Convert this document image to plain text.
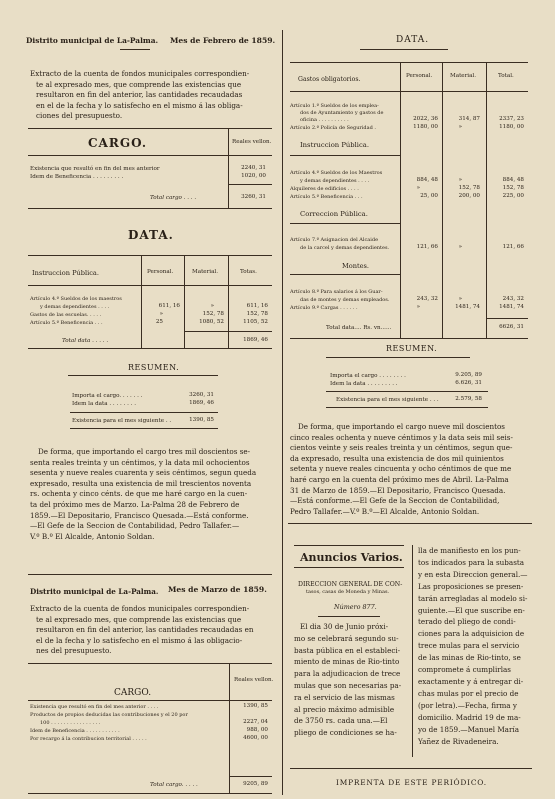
Distrito municipal de La-Palma. Mes de Febrero de 1859.
Extracto de la cuenta de fondos municipales correspondien-
te al expresado mes, que comprende las existencias que
resultaron en fin del anterior, las cantidades recaudadas
en el de la fecha y lo satisfecho en el mismo á las obliga-
ciones del presupuesto.
CARGO.	Reales vellon.
Existencia que resultó en fin del mes anterior	2240, 31
Idem de Beneficencia . . . . . . . . .	1020, 00
Total cargo . . . .	3260, 31
DATA.
Instruccion Pública.	Personal.	Material.	Totas.
Artículo 4.º Sueldos de los maestros
y demas dependientes . . . .	611, 16	»	611, 16
Gastos de las escuelas. . . . .	»	152, 78	152, 78
Artículo 5.º Beneficencia . . .	25	1080, 52	1105, 52
Total data . . . . .	1869, 46
RESUMEN.
Importa el cargo. . . . . . .	3260, 31
Idem la data . . . . . . . .	1869, 46
Existencia para el mes siguiente . .	1390, 85
De forma, que importando el cargo tres mil doscientos se-
senta reales treinta y un céntimos, y la data mil ochocientos
sesenta y nueve reales cuarenta y seis céntimos, segun queda
expresado, resulta una existencia de mil trescientos noventa
rs. ochenta y cinco cénts. de que me haré cargo en la cuen-
ta del próximo mes de Marzo. La-Palma 28 de Febrero de
1859.—El Depositario, Francisco Quesada.—Está conforme.
—El Gefe de la Seccion de Contabilidad, Pedro Tallafer.—
V.º B.º El Alcalde, Antonio Soldan.
Distrito municipal de La-Palma. Mes de Marzo de 1859.
Extracto de la cuenta de fondos municipales correspondien-
te al expresado mes, que comprende las existencias que
resultaron en fin del anterior, las cantidades recaudadas en
el de la fecha y lo satisfecho en el mismo á las obligacio-
nes del presupuesto.
Reales vellon.
CARGO.
Existencia que resultó en fin del mes anterior . . . .	1390, 85
Productos de propios deducidas las contribuciones y el 20 por
100 . . . . . . . . . . . . . . . .	2227, 04
Idem de Beneficencia . . . . . . . . . . .	988, 00
Por recargo á la contribucion territorial . . . . .	4600, 00
Total cargo. . . . .	9205, 89
DATA.
Gastos obligatorios.	Personal.	Material.	Total.
Artículo 1.º Sueldos de los emplea-
dos de Ayuntamiento y gastos de
oficina . . . . . . . . . .	2022, 36	314, 87	2337, 23
Artículo 2.º Policía de Seguridad .	1180, 00	»	1180, 00
Instruccion Pública.
Artículo 4.º Sueldos de los Maestros
y demas dependientes . . . .	884, 48	»	884, 48
Alquileres de edificios . . . .	»	152, 78	152, 78
Artículo 5.º Beneficencia . . .	25, 00	200, 00	225, 00
Correccion Pública.
Artículo 7.º Asignacion del Alcaide
de la carcel y demas dependientes.	121, 66	»	121, 66
Montes.
Artículo 8.º Para salarios á los Guar-
das de montes y demas empleados.	243, 32	»	243, 32
Artículo 9.º Cargas . . . . . .	»	1481, 74	1481, 74
Total data.... Rs. vn......	6626, 31
RESUMEN.
Importa el cargo . . . . . . . .	9.205, 89
Idem la data . . . . . . . . .	6.626, 31
Existencia para el mes siguiente . . .	2.579, 58
De forma, que importando el cargo nueve mil doscientos
cinco reales ochenta y nueve céntimos y la data seis mil seis-
cientos veinte y seis reales treinta y un céntimos, segun que-
da expresado, resulta una existencia de dos mil quinientos
setenta y nueve reales cincuenta y ocho céntimos de que me
haré cargo en la cuenta del próximo mes de Abril. La-Palma
31 de Marzo de 1859.—El Depositario, Francisco Quesada.
—Está conforme.—El Gefe de la Seccion de Contabilidad,
Pedro Tallafer.—V.º B.º—El Alcalde, Antonio Soldan.
Anuncios Varios.
DIRECCION GENERAL DE CON-
tasos, casas de Moneda y Minas.
Número 877.
El dia 30 de Junio próxi-
mo se celebrará segundo su-
basta pública en el estableci-
miento de minas de Rio-tinto
para la adjudicacion de trece
mulas que son necesarias pa-
ra el servicio de las mismas
al precio máximo admisible
de 3750 rs. cada una.—El
pliego de condiciones se ha-
lla de manifiesto en los pun-
tos indicados para la subasta
y en esta Direccion general.—
Las proposiciones se presen-
tarán arregladas al modelo si-
guiente.—El que suscribe en-
terado del pliego de condi-
ciones para la adquisicion de
trece mulas para el servicio
de las minas de Rio-tinto, se
compromete á cumplirlas
exactamente y á entregar di-
chas mulas por el precio de
(por letra).—Fecha, firma y
domicilio. Madrid 19 de ma-
yo de 1859.—Manuel María
Yañez de Rivadeneira.
IMPRENTA DE ESTE PERIÓDICO.
